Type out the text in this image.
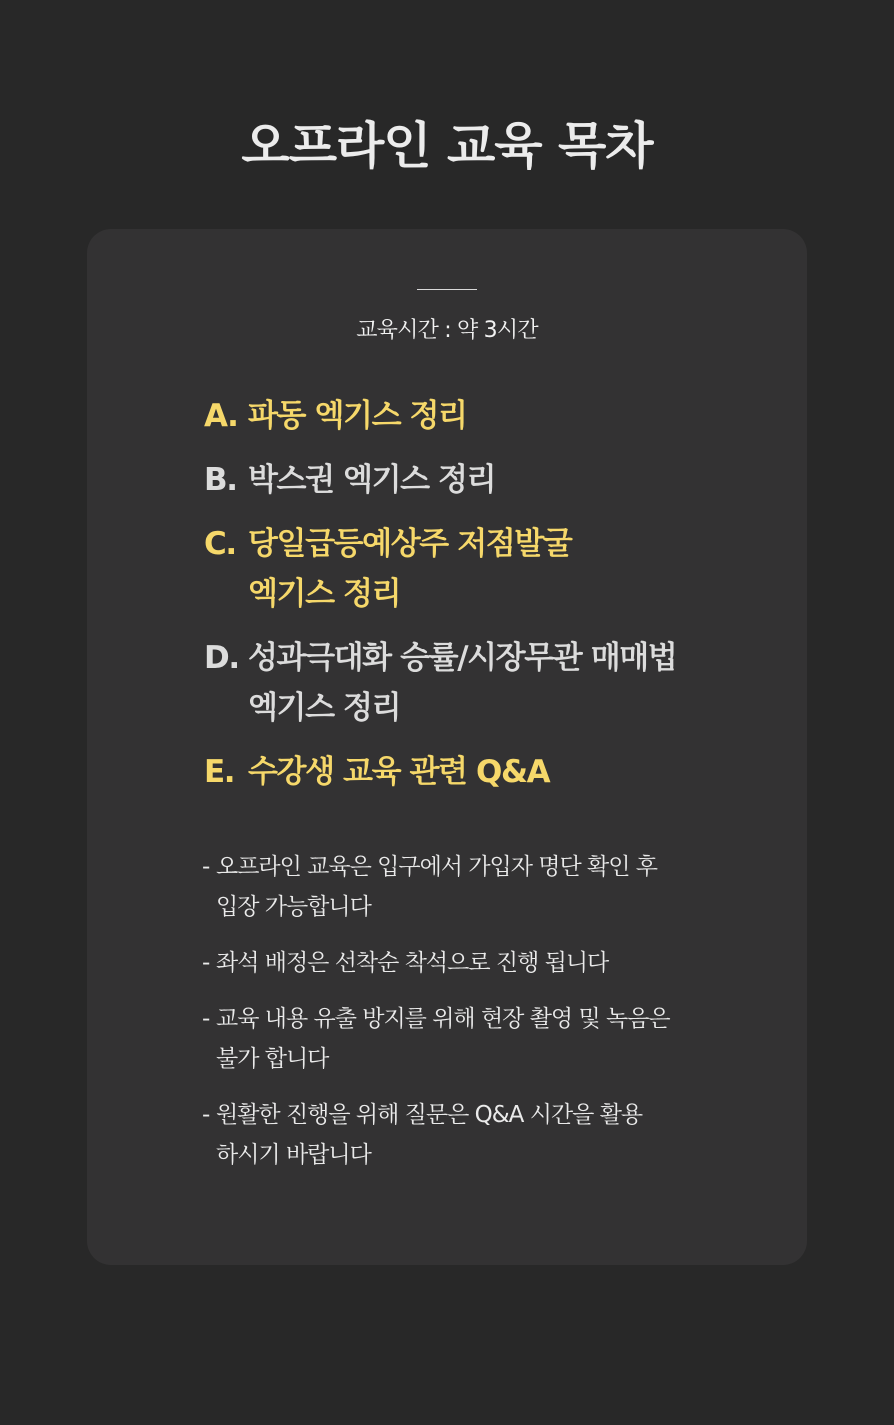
오프라인 교육 목차
교육시간 : 약 3시간
A. 파동 엑기스 정리
B. 박스권 엑기스 정리
C. 당일급등예상주 저점발굴
엑기스 정리
D. 성과극대화 승률/시장무관 매매법
엑기스 정리
E. 수강생 교육 관련 Q&A
- 오프라인 교육은 입구에서 가입자 명단 확인 후
입장 가능합니다
- 좌석 배정은 선착순 착석으로 진행 됩니다
- 교육 내용 유출 방지를 위해 현장 촬영 및 녹음은
불가 합니다
- 원활한 진행을 위해 질문은 Q&A 시간을 활용
하시기 바랍니다
